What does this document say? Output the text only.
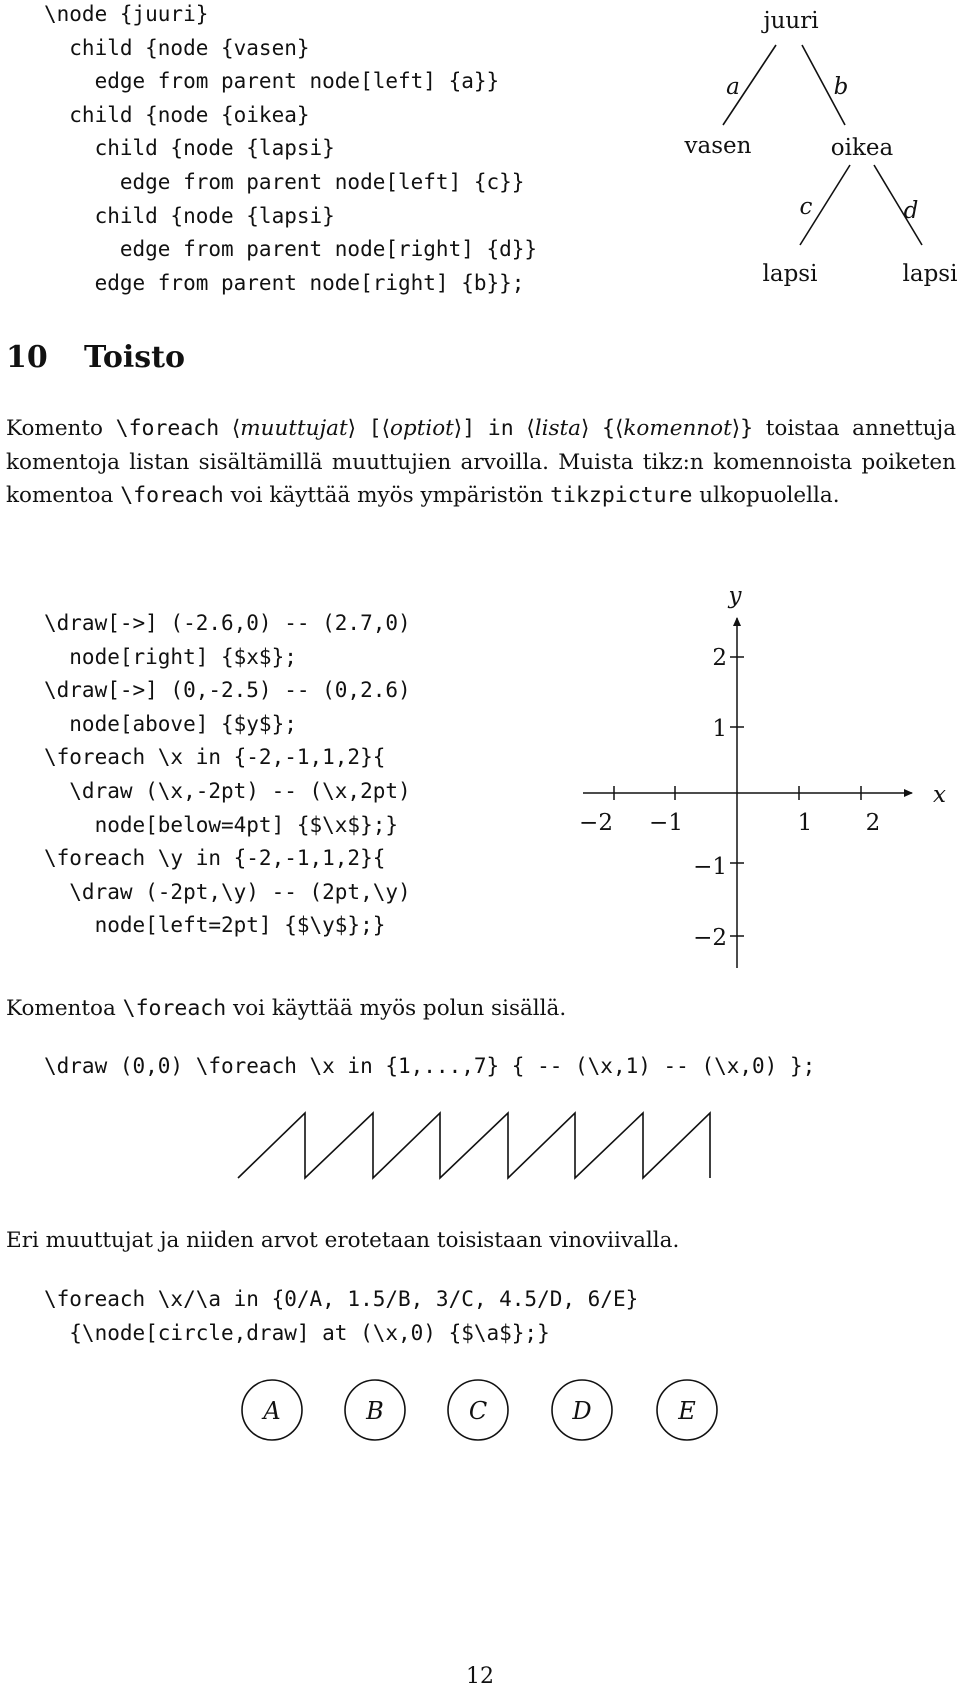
\node {juuri}
child {node {vasen}
edge from parent node[left] {a}}
child {node {oikea}
child {node {lapsi}
edge from parent node[left] {c}}
child {node {lapsi}
edge from parent node[right] {d}}
edge from parent node[right] {b}};
juuri
vasen	oikea
lapsi	lapsi
a	b
c	d
10 Toisto

Komento \foreach ⟨muuttujat⟩ [⟨optiot⟩] in ⟨lista⟩ {⟨komennot⟩} toistaa annettuja komentoja listan sisältämillä muuttujien arvoilla. Muista tikz:n komennoista poiketen komentoa \foreach voi käyttää myös ympäristön tikzpicture ulkopuolella.

\draw[->] (-2.6,0) -- (2.7,0)
node[right] {$x$};
\draw[->] (0,-2.5) -- (0,2.6)
node[above] {$y$};
\foreach \x in {-2,-1,1,2}{
\draw (\x,-2pt) -- (\x,2pt)
node[below=4pt] {$\x$};}
\foreach \y in {-2,-1,1,2}{
\draw (-2pt,\y) -- (2pt,\y)
node[left=2pt] {$\y$};}
x
y
−2 −1	1 2
2
1
−1
−2

Komentoa \foreach voi käyttää myös polun sisällä.

\draw (0,0) \foreach \x in {1,...,7} { -- (\x,1) -- (\x,0) };

Eri muuttujat ja niiden arvot erotetaan toisistaan vinoviivalla.

\foreach \x/\a in {0/A, 1.5/B, 3/C, 4.5/D, 6/E}
{\node[circle,draw] at (\x,0) {$\a$};}
A	B	C	D	E
12
